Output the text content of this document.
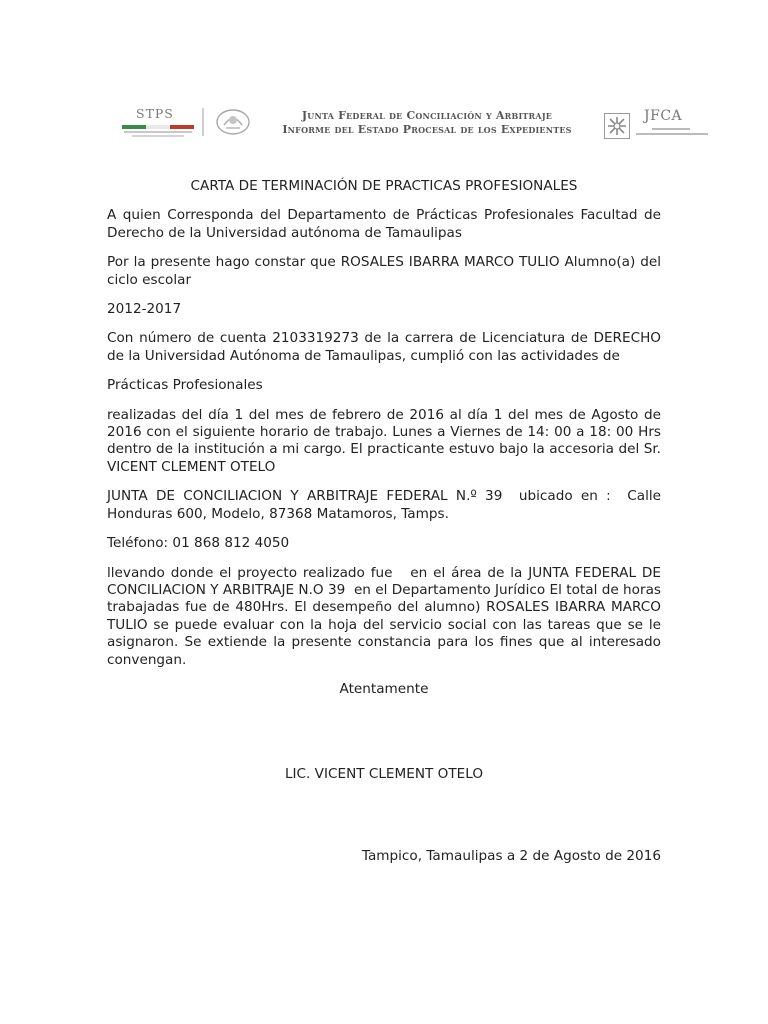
STPS	Junta Federal de Conciliación y Arbitraje
Informe del Estado Procesal de los Expedientes
JFCA

CARTA DE TERMINACIÓN DE PRACTICAS PROFESIONALES

A quien Corresponda del Departamento de Prácticas Profesionales Facultad de Derecho de la Universidad autónoma de Tamaulipas

Por la presente hago constar que ROSALES IBARRA MARCO TULIO Alumno(a) del ciclo escolar

2012-2017

Con número de cuenta 2103319273 de la carrera de Licenciatura de DERECHO de la Universidad Autónoma de Tamaulipas, cumplió con las actividades de

Prácticas Profesionales

realizadas del día 1 del mes de febrero de 2016 al día 1 del mes de Agosto de 2016 con el siguiente horario de trabajo. Lunes a Viernes de 14: 00 a 18: 00 Hrs dentro de la institución a mi cargo. El practicante estuvo bajo la accesoria del Sr. VICENT CLEMENT OTELO

JUNTA DE CONCILIACION Y ARBITRAJE FEDERAL N.º 39  ubicado en :  Calle Honduras 600, Modelo, 87368 Matamoros, Tamps.

Teléfono: 01 868 812 4050

llevando donde el proyecto realizado fue   en el área de la JUNTA FEDERAL DE CONCILIACION Y ARBITRAJE N.O 39  en el Departamento Jurídico El total de horas trabajadas fue de 480Hrs. El desempeño del alumno) ROSALES IBARRA MARCO TULIO se puede evaluar con la hoja del servicio social con las tareas que se le asignaron. Se extiende la presente constancia para los fines que al interesado convengan.

Atentamente

LIC. VICENT CLEMENT OTELO

Tampico, Tamaulipas a 2 de Agosto de 2016
